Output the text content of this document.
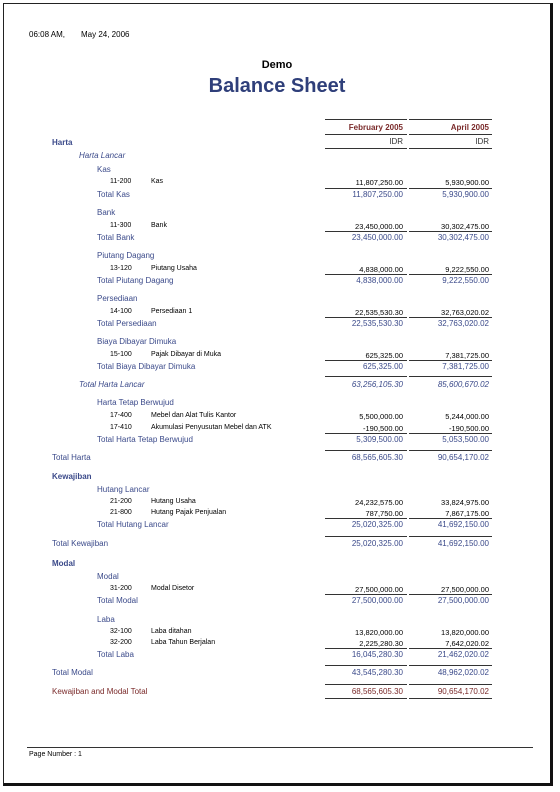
06:08 AM, May 24, 2006
Demo
Balance Sheet
February 2005	April 2005
IDR	IDR
Harta
Harta Lancar
Kas
11-200	Kas	11,807,250.00	5,930,900.00
Total Kas	11,807,250.00	5,930,900.00
Bank
11-300	Bank	23,450,000.00	30,302,475.00
Total Bank	23,450,000.00	30,302,475.00
Piutang Dagang
13-120	Piutang Usaha	4,838,000.00	9,222,550.00
Total Piutang Dagang	4,838,000.00	9,222,550.00
Persediaan
14-100	Persediaan 1	22,535,530.30	32,763,020.02
Total Persediaan	22,535,530.30	32,763,020.02
Biaya Dibayar Dimuka
15-100	Pajak Dibayar di Muka	625,325.00	7,381,725.00
Total Biaya Dibayar Dimuka	625,325.00	7,381,725.00
Total Harta Lancar	63,256,105.30	85,600,670.02
Harta Tetap Berwujud
17-400	Mebel dan Alat Tulis Kantor	5,500,000.00	5,244,000.00
17-410	Akumulasi Penyusutan Mebel dan ATK	-190,500.00	-190,500.00
Total Harta Tetap Berwujud	5,309,500.00	5,053,500.00
Total Harta	68,565,605.30	90,654,170.02
Kewajiban
Hutang Lancar
21-200	Hutang Usaha	24,232,575.00	33,824,975.00
21-800	Hutang Pajak Penjualan	787,750.00	7,867,175.00
Total Hutang Lancar	25,020,325.00	41,692,150.00
Total Kewajiban	25,020,325.00	41,692,150.00
Modal
Modal
31-200	Modal Disetor	27,500,000.00	27,500,000.00
Total Modal	27,500,000.00	27,500,000.00
Laba
32-100	Laba ditahan	13,820,000.00	13,820,000.00
32-200	Laba Tahun Berjalan	2,225,280.30	7,642,020.02
Total Laba	16,045,280.30	21,462,020.02
Total Modal	43,545,280.30	48,962,020.02
Kewajiban and Modal Total	68,565,605.30	90,654,170.02
Page Number : 1
